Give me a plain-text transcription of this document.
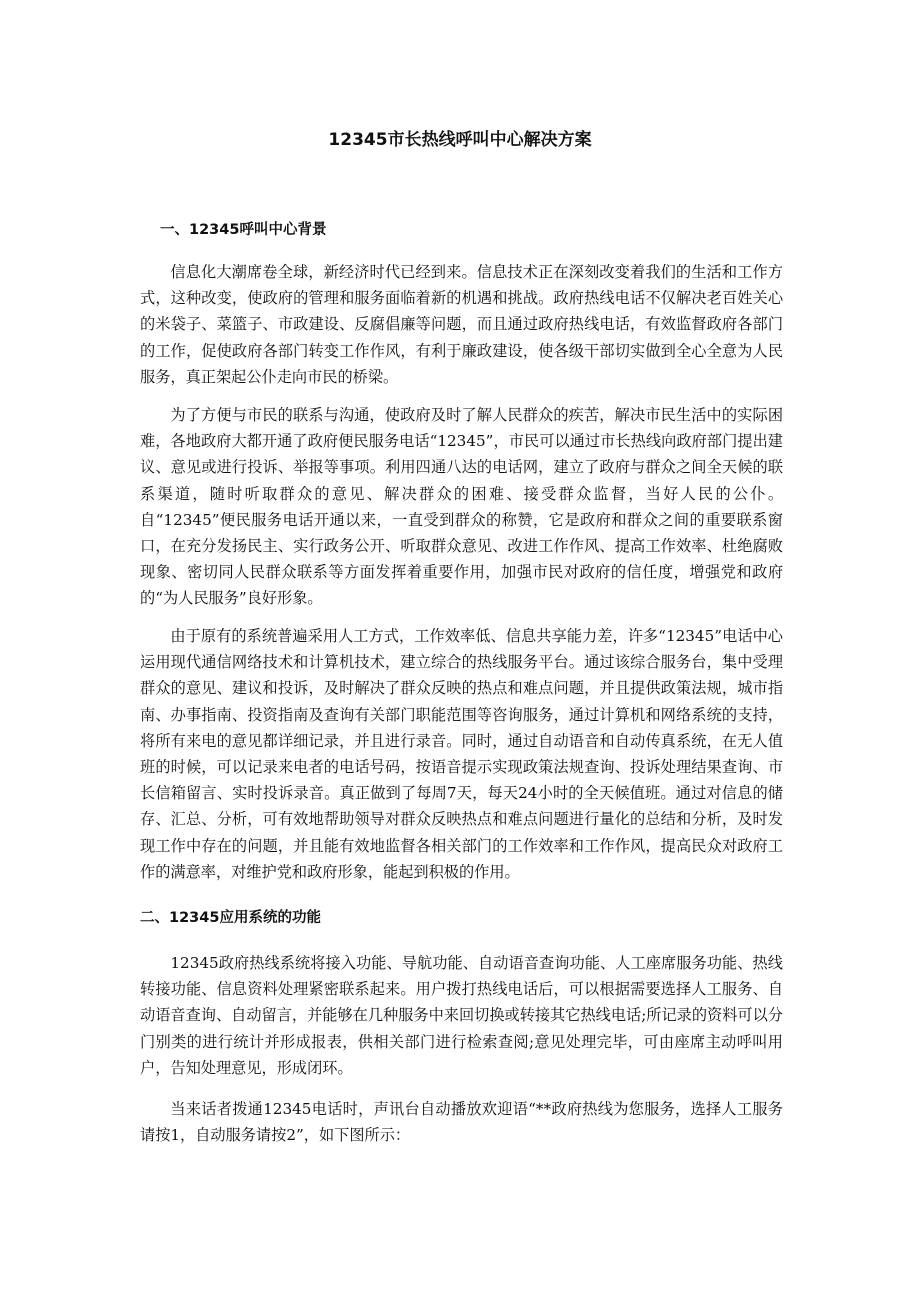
12345市长热线呼叫中心解决方案
一、12345呼叫中心背景

信息化大潮席卷全球，新经济时代已经到来。信息技术正在深刻改变着我们的生活和工作方式，这种改变，使政府的管理和服务面临着新的机遇和挑战。政府热线电话不仅解决老百姓关心的米袋子、菜篮子、市政建设、反腐倡廉等问题，而且通过政府热线电话，有效监督政府各部门的工作，促使政府各部门转变工作作风，有利于廉政建设，使各级干部切实做到全心全意为人民服务，真正架起公仆走向市民的桥梁。

为了方便与市民的联系与沟通，使政府及时了解人民群众的疾苦，解决市民生活中的实际困难，各地政府大都开通了政府便民服务电话“12345”，市民可以通过市长热线向政府部门提出建议、意见或进行投诉、举报等事项。利用四通八达的电话网，建立了政府与群众之间全天候的联系渠道，随时听取群众的意见、解决群众的困难、接受群众监督，当好人民的公仆。自“12345”便民服务电话开通以来，一直受到群众的称赞，它是政府和群众之间的重要联系窗口，在充分发扬民主、实行政务公开、听取群众意见、改进工作作风、提高工作效率、杜绝腐败现象、密切同人民群众联系等方面发挥着重要作用，加强市民对政府的信任度，增强党和政府的“为人民服务”良好形象。

由于原有的系统普遍采用人工方式，工作效率低、信息共享能力差，许多“12345”电话中心运用现代通信网络技术和计算机技术，建立综合的热线服务平台。通过该综合服务台，集中受理群众的意见、建议和投诉，及时解决了群众反映的热点和难点问题，并且提供政策法规，城市指南、办事指南、投资指南及查询有关部门职能范围等咨询服务，通过计算机和网络系统的支持，将所有来电的意见都详细记录，并且进行录音。同时，通过自动语音和自动传真系统，在无人值班的时候，可以记录来电者的电话号码，按语音提示实现政策法规查询、投诉处理结果查询、市长信箱留言、实时投诉录音。真正做到了每周7天，每天24小时的全天候值班。通过对信息的储存、汇总、分析，可有效地帮助领导对群众反映热点和难点问题进行量化的总结和分析，及时发现工作中存在的问题，并且能有效地监督各相关部门的工作效率和工作作风，提高民众对政府工作的满意率，对维护党和政府形象，能起到积极的作用。

二、12345应用系统的功能

12345政府热线系统将接入功能、导航功能、自动语音查询功能、人工座席服务功能、热线转接功能、信息资料处理紧密联系起来。用户拨打热线电话后，可以根据需要选择人工服务、自动语音查询、自动留言，并能够在几种服务中来回切换或转接其它热线电话;所记录的资料可以分门别类的进行统计并形成报表，供相关部门进行检索查阅;意见处理完毕，可由座席主动呼叫用户，告知处理意见，形成闭环。

当来话者拨通12345电话时，声讯台自动播放欢迎语“**政府热线为您服务，选择人工服务请按1，自动服务请按2”，如下图所示：
